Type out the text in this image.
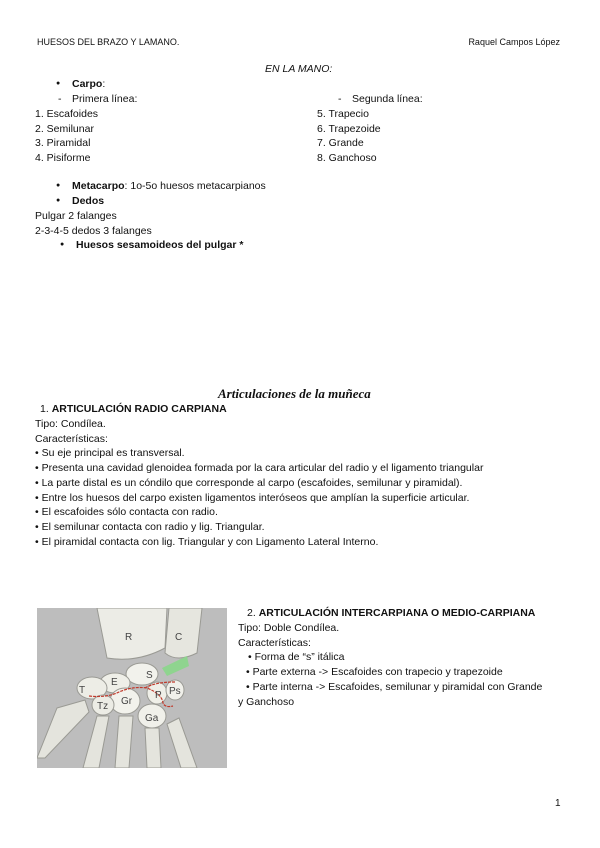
HUESOS DEL BRAZO Y LAMANO.	Raquel Campos López
EN LA MANO:
● Carpo:
- Primera línea:
-	Segunda línea:
1. Escafoides
2. Semilunar
3. Piramidal
4. Pisiforme
5. Trapecio
6. Trapezoide
7. Grande
8. Ganchoso
● Metacarpo: 1o-5o huesos metacarpianos
● Dedos
Pulgar 2 falanges
2-3-4-5 dedos 3 falanges
● Huesos sesamoideos del pulgar *
Articulaciones de la muñeca
1. ARTICULACIÓN RADIO CARPIANA
Tipo: Condílea.
Características:
• Su eje principal es transversal.
• Presenta una cavidad glenoidea formada por la cara articular del radio y el ligamento triangular
• La parte distal es un cóndilo que corresponde al carpo (escafoides, semilunar y piramidal).
• Entre los huesos del carpo existen ligamentos interóseos que amplían la superficie articular.
• El escafoides sólo contacta con radio.
• El semilunar contacta con radio y lig. Triangular.
• El piramidal contacta con lig. Triangular y con Ligamento Lateral Interno.
R	C
S
E
T
Gr
P Ps
Tz
Ga
2. ARTICULACIÓN INTERCARPIANA O MEDIO-CARPIANA
Tipo: Doble Condílea.
Características:
• Forma de “s” itálica
• Parte externa -> Escafoides con trapecio y trapezoide
• Parte interna -> Escafoides, semilunar y piramidal con Grande
y Ganchoso
1
